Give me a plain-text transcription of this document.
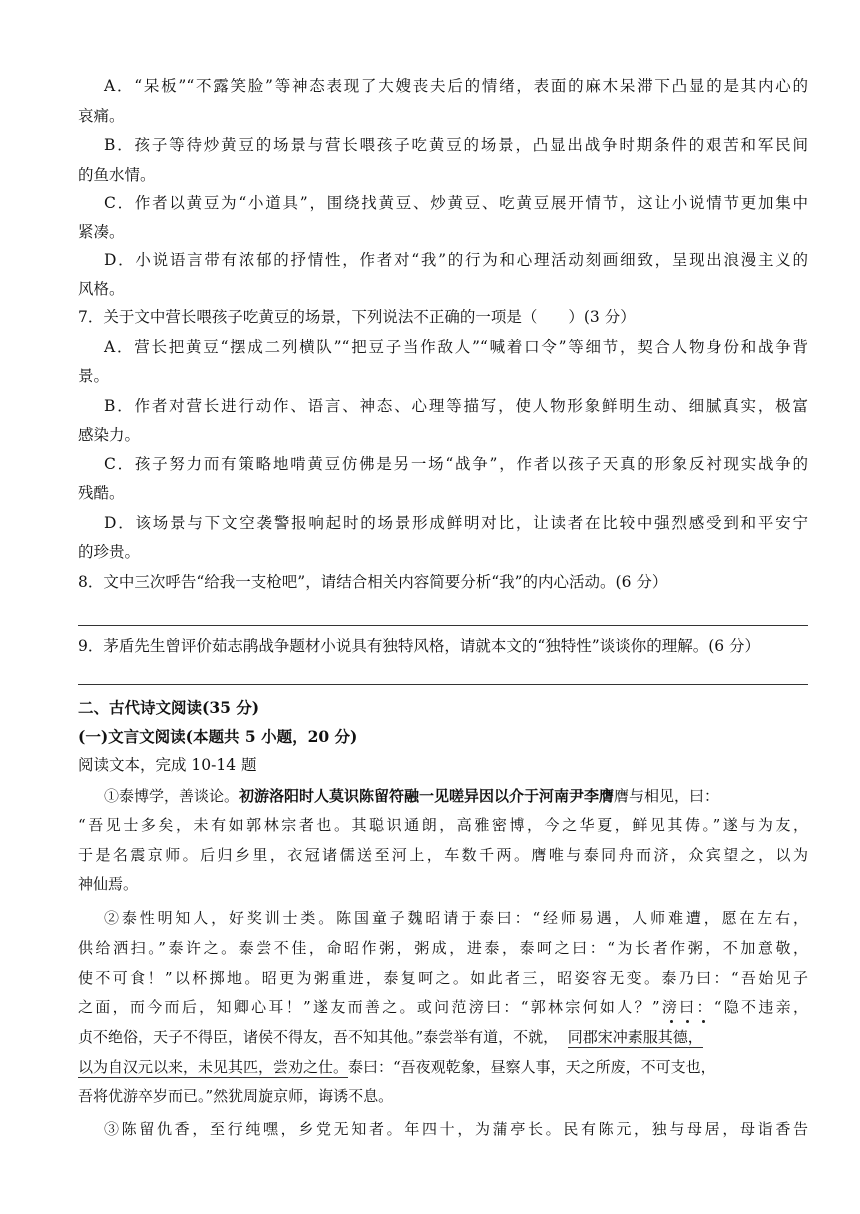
A．“呆板”“不露笑脸”等神态表现了大嫂丧夫后的情绪，表面的麻木呆滞下凸显的是其内心的
哀痛。
B．孩子等待炒黄豆的场景与营长喂孩子吃黄豆的场景，凸显出战争时期条件的艰苦和军民间
的鱼水情。
C．作者以黄豆为“小道具”，围绕找黄豆、炒黄豆、吃黄豆展开情节，这让小说情节更加集中
紧凑。
D．小说语言带有浓郁的抒情性，作者对“我”的行为和心理活动刻画细致，呈现出浪漫主义的
风格。
7．关于文中营长喂孩子吃黄豆的场景，下列说法不正确的一项是（　　）(3 分）
A．营长把黄豆“摆成二列横队”“把豆子当作敌人”“喊着口令”等细节，契合人物身份和战争背
景。
B．作者对营长进行动作、语言、神态、心理等描写，使人物形象鲜明生动、细腻真实，极富
感染力。
C．孩子努力而有策略地啃黄豆仿佛是另一场“战争”，作者以孩子天真的形象反衬现实战争的
残酷。
D．该场景与下文空袭警报响起时的场景形成鲜明对比，让读者在比较中强烈感受到和平安宁
的珍贵。
8．文中三次呼告“给我一支枪吧”，请结合相关内容简要分析“我”的内心活动。(6 分）
9．茅盾先生曾评价茹志鹃战争题材小说具有独特风格，请就本文的“独特性”谈谈你的理解。(6 分）
二、古代诗文阅读(35 分)
(一)文言文阅读(本题共 5 小题，20 分)
阅读文本，完成 10-14 题
①泰博学，善谈论。初游洛阳时人莫识陈留符融一见嗟异因以介于河南尹李膺膺与相见，曰：
“吾见士多矣，未有如郭林宗者也。其聪识通朗，高雅密博，今之华夏，鲜见其俦。”遂与为友，
于是名震京师。后归乡里，衣冠诸儒送至河上，车数千两。膺唯与泰同舟而济，众宾望之，以为
神仙焉。
②泰性明知人，好奖训士类。陈国童子魏昭请于泰曰：“经师易遇，人师难遭，愿在左右，
供给洒扫。”泰许之。泰尝不佳，命昭作粥，粥成，进泰，泰呵之曰：“为长者作粥，不加意敬，
使不可食！”以杯掷地。昭更为粥重进，泰复呵之。如此者三，昭姿容无变。泰乃曰：“吾始见子
之面，而今而后，知卿心耳！”遂友而善之。或问范滂曰：“郭林宗何如人？”滂曰：“隐不违亲，
贞不绝俗，天子不得臣，诸侯不得友，吾不知其他。”泰尝举有道，不就， 同郡宋冲素服其德，
以为自汉元以来，未见其匹，尝劝之仕。泰曰：“吾夜观乾象，昼察人事，天之所废，不可支也，
吾将优游卒岁而已。”然犹周旋京师，诲诱不息。
③陈留仇香，至行纯嘿，乡党无知者。年四十，为蒲亭长。民有陈元，独与母居，母诣香告
